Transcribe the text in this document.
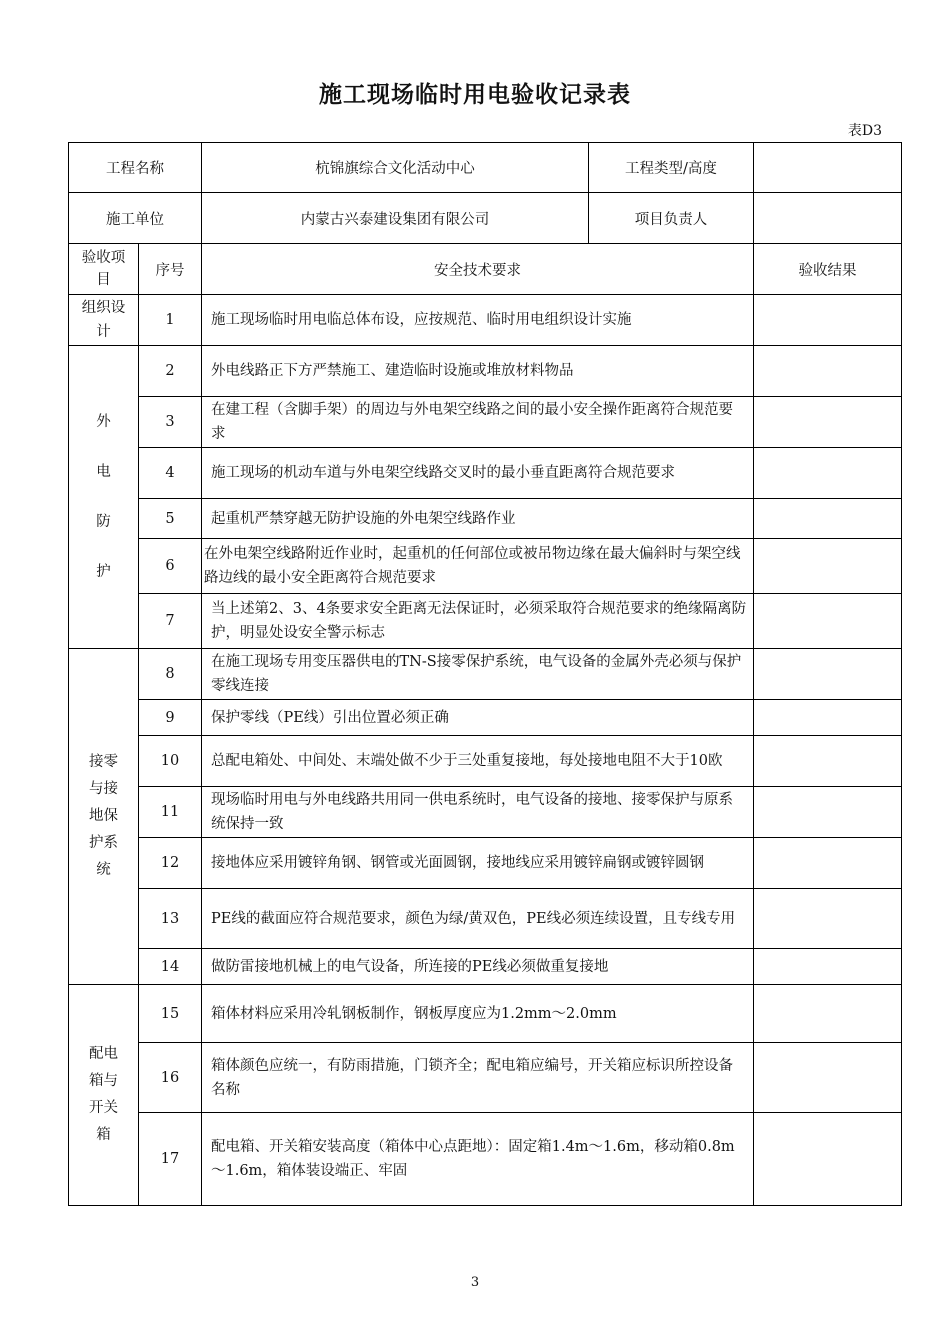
施工现场临时用电验收记录表
表D3
工程名称		杭锦旗综合文化活动中心	工程类型/高度	
施工单位		内蒙古兴泰建设集团有限公司	项目负责人	
验收项目	序号	安全技术要求		验收结果
组织设计	1	施工现场临时用电临总体布设，应按规范、临时用电组织设计实施		
外电防护	2	外电线路正下方严禁施工、建造临时设施或堆放材料物品		
	3	在建工程（含脚手架）的周边与外电架空线路之间的最小安全操作距离符合规范要求		
	4	施工现场的机动车道与外电架空线路交叉时的最小垂直距离符合规范要求		
	5	起重机严禁穿越无防护设施的外电架空线路作业		
	6	在外电架空线路附近作业时，起重机的任何部位或被吊物边缘在最大偏斜时与架空线路边线的最小安全距离符合规范要求		
	7	当上述第2、3、4条要求安全距离无法保证时，必须采取符合规范要求的绝缘隔离防护，明显处设安全警示标志		
接零与接地保护系统	8	在施工现场专用变压器供电的TN-S接零保护系统，电气设备的金属外壳必须与保护零线连接		
	9	保护零线（PE线）引出位置必须正确		
	10	总配电箱处、中间处、末端处做不少于三处重复接地，每处接地电阻不大于10欧		
	11	现场临时用电与外电线路共用同一供电系统时，电气设备的接地、接零保护与原系统保持一致		
	12	接地体应采用镀锌角钢、钢管或光面圆钢，接地线应采用镀锌扁钢或镀锌圆钢		
	13	PE线的截面应符合规范要求，颜色为绿/黄双色，PE线必须连续设置，且专线专用		
	14	做防雷接地机械上的电气设备，所连接的PE线必须做重复接地		
配电箱与开关箱	15	箱体材料应采用冷轧钢板制作，钢板厚度应为1.2mm～2.0mm		
	16	箱体颜色应统一，有防雨措施，门锁齐全；配电箱应编号，开关箱应标识所控设备名称		
	17	配电箱、开关箱安装高度（箱体中心点距地）：固定箱1.4m～1.6m，移动箱0.8m～1.6m，箱体装设端正、牢固		
3
